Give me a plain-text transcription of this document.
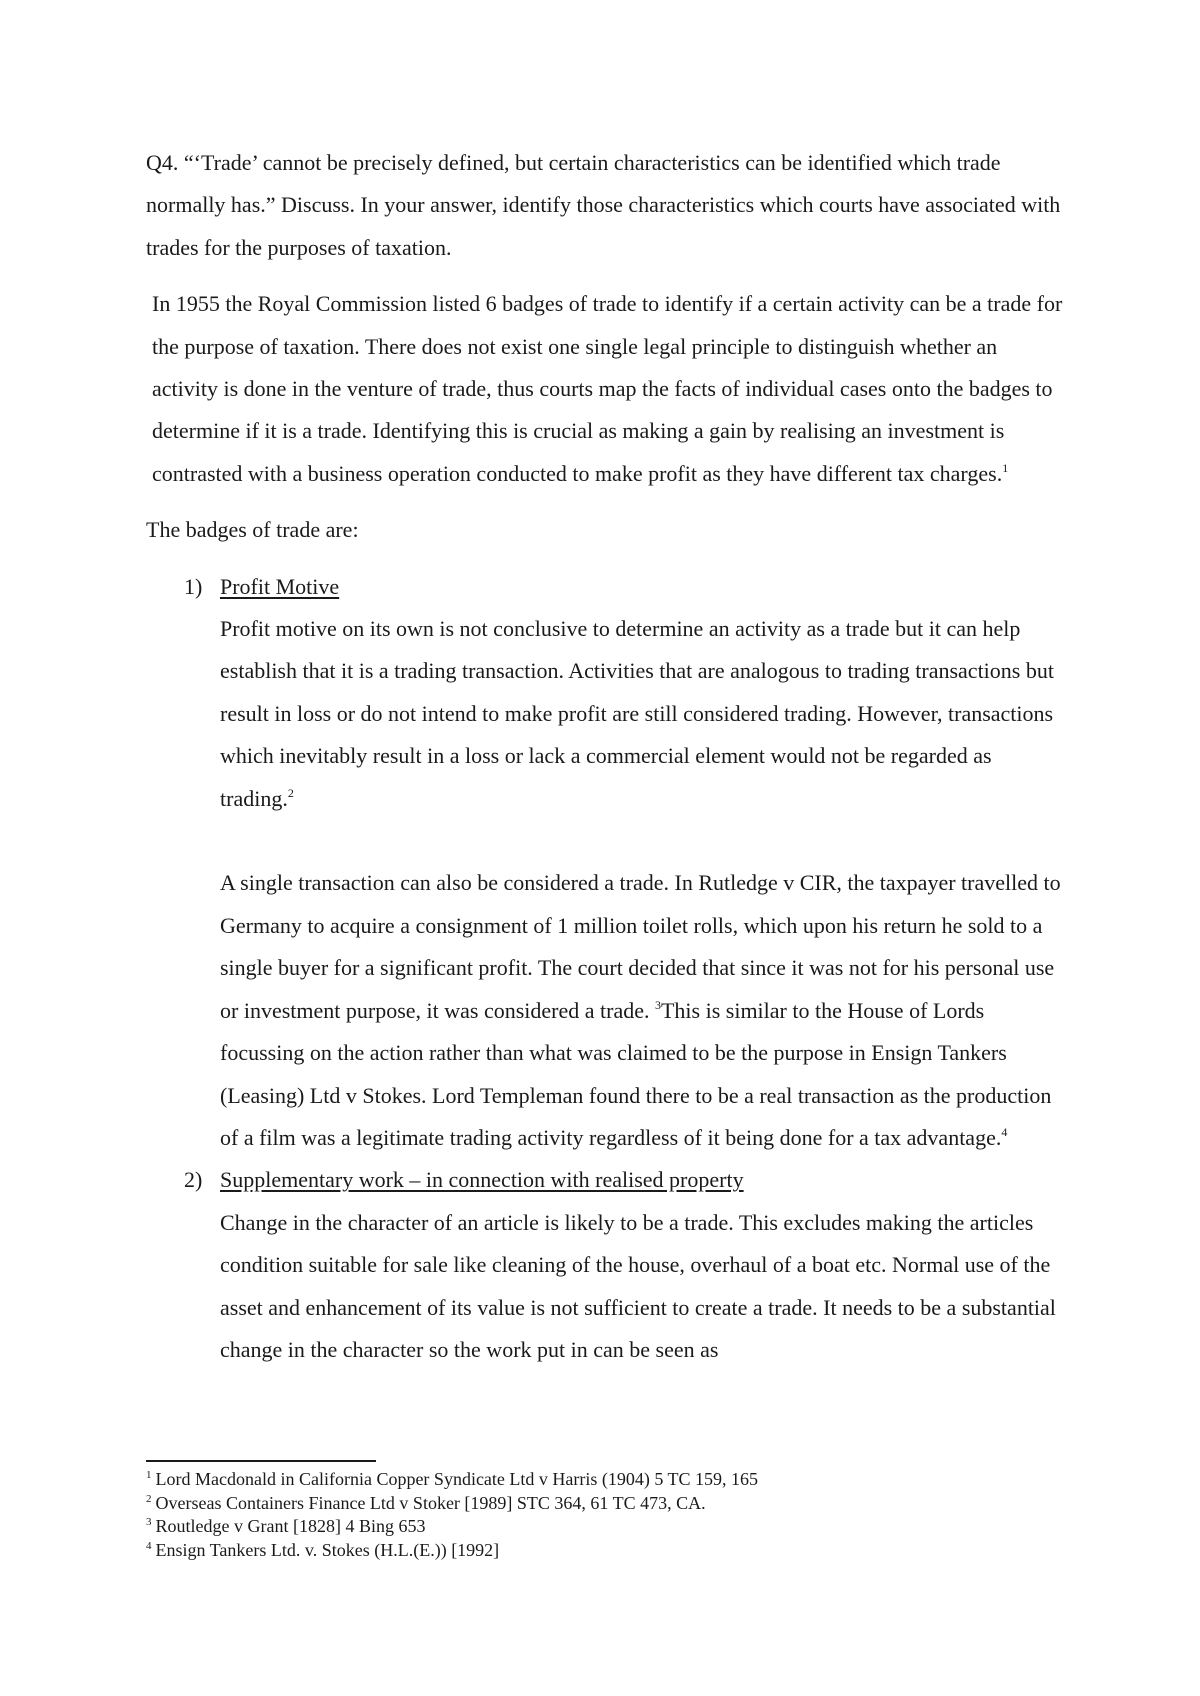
Q4. “‘Trade’ cannot be precisely defined, but certain characteristics can be identified which trade normally has.” Discuss. In your answer, identify those characteristics which courts have associated with trades for the purposes of taxation.

In 1955 the Royal Commission listed 6 badges of trade to identify if a certain activity can be a trade for the purpose of taxation. There does not exist one single legal principle to distinguish whether an activity is done in the venture of trade, thus courts map the facts of individual cases onto the badges to determine if it is a trade. Identifying this is crucial as making a gain by realising an investment is contrasted with a business operation conducted to make profit as they have different tax charges.$^1$

The badges of trade are:

1) Profit Motive

Profit motive on its own is not conclusive to determine an activity as a trade but it can help establish that it is a trading transaction. Activities that are analogous to trading transactions but result in loss or do not intend to make profit are still considered trading. However, transactions which inevitably result in a loss or lack a commercial element would not be regarded as trading.$^2$

A single transaction can also be considered a trade. In Rutledge v CIR, the taxpayer travelled to Germany to acquire a consignment of 1 million toilet rolls, which upon his return he sold to a single buyer for a significant profit. The court decided that since it was not for his personal use or investment purpose, it was considered a trade. $^3$This is similar to the House of Lords focussing on the action rather than what was claimed to be the purpose in Ensign Tankers (Leasing) Ltd v Stokes. Lord Templeman found there to be a real transaction as the production of a film was a legitimate trading activity regardless of it being done for a tax advantage.$^4$

2) Supplementary work – in connection with realised property

Change in the character of an article is likely to be a trade. This excludes making the articles condition suitable for sale like cleaning of the house, overhaul of a boat etc. Normal use of the asset and enhancement of its value is not sufficient to create a trade. It needs to be a substantial change in the character so the work put in can be seen as

$^1$ Lord Macdonald in California Copper Syndicate Ltd v Harris (1904) 5 TC 159, 165

$^2$ Overseas Containers Finance Ltd v Stoker [1989] STC 364, 61 TC 473, CA.

$^3$ Routledge v Grant [1828] 4 Bing 653

$^4$ Ensign Tankers Ltd. v. Stokes (H.L.(E.)) [1992]
